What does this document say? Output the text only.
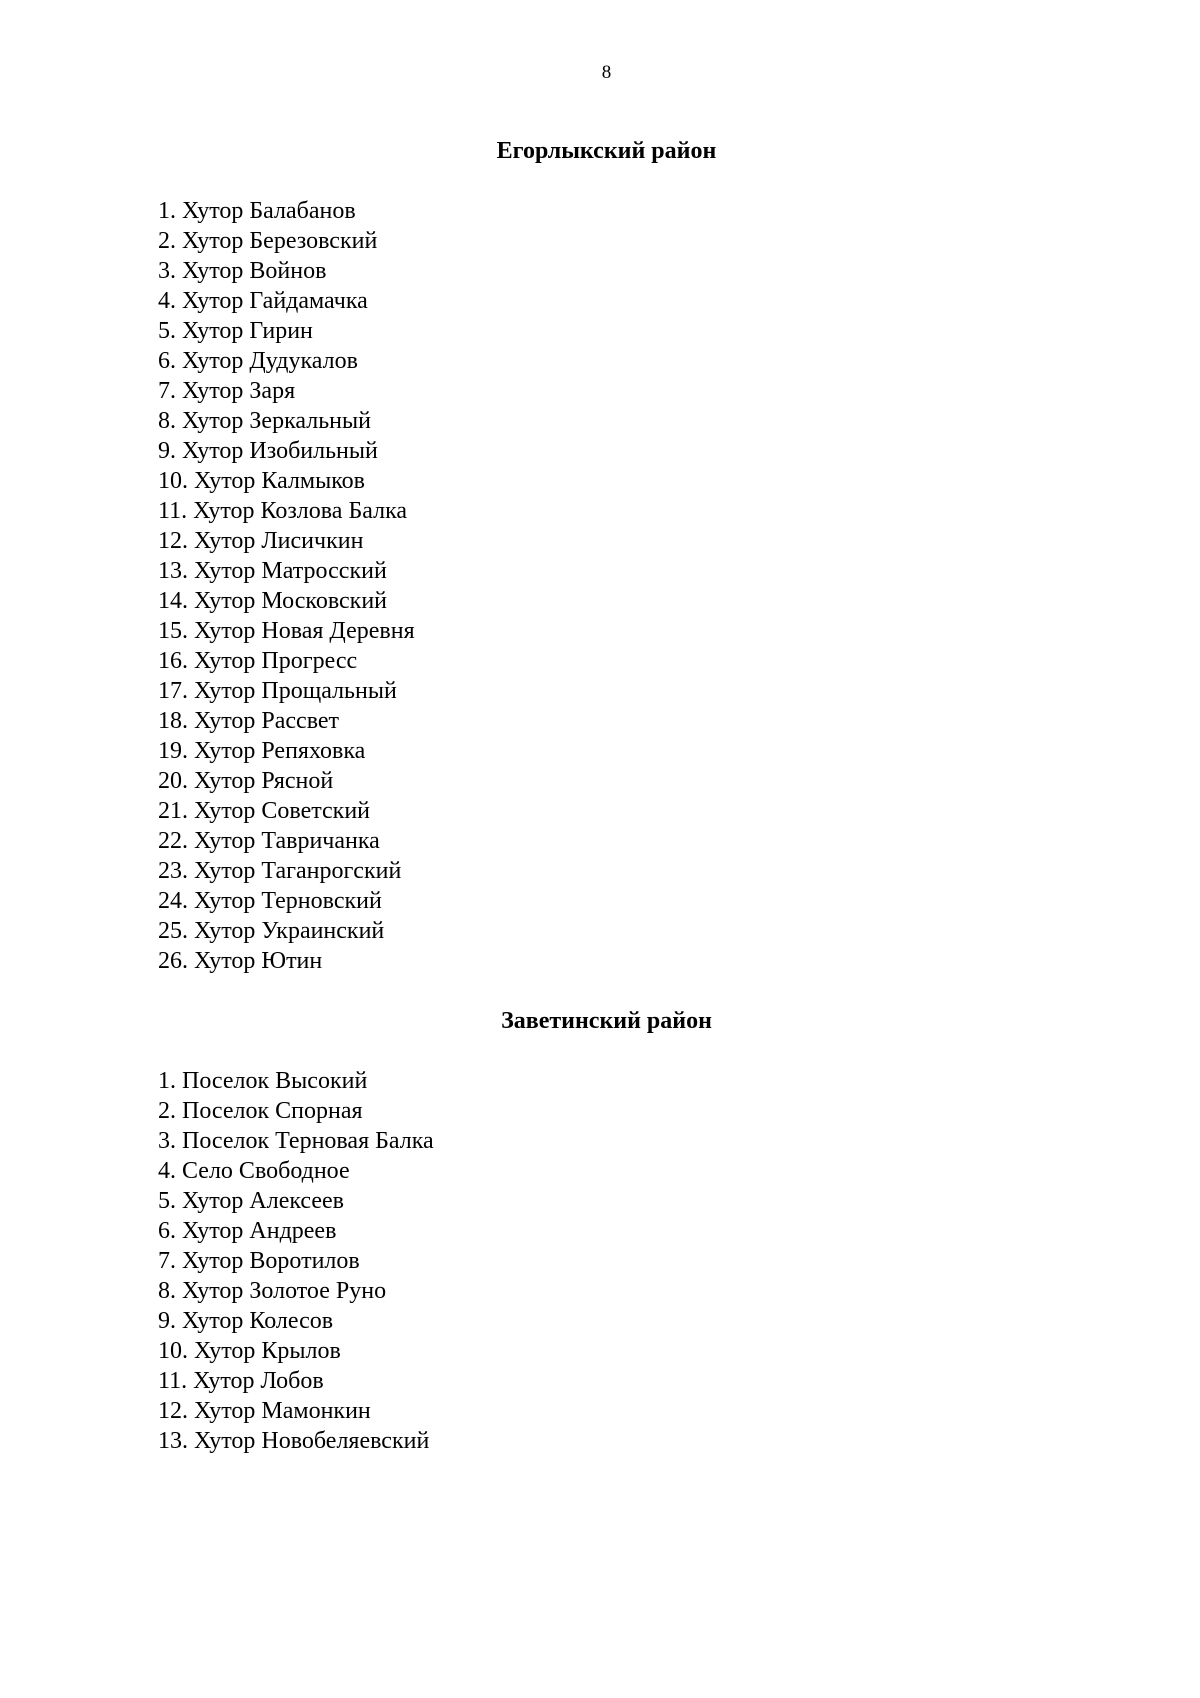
8
Егорлыкский район
1. Хутор Балабанов
2. Хутор Березовский
3. Хутор Войнов
4. Хутор Гайдамачка
5. Хутор Гирин
6. Хутор Дудукалов
7. Хутор Заря
8. Хутор Зеркальный
9. Хутор Изобильный
10. Хутор Калмыков
11. Хутор Козлова Балка
12. Хутор Лисичкин
13. Хутор Матросский
14. Хутор Московский
15. Хутор Новая Деревня
16. Хутор Прогресс
17. Хутор Прощальный
18. Хутор Рассвет
19. Хутор Репяховка
20. Хутор Рясной
21. Хутор Советский
22. Хутор Тавричанка
23. Хутор Таганрогский
24. Хутор Терновский
25. Хутор Украинский
26. Хутор Ютин
Заветинский район
1. Поселок Высокий
2. Поселок Спорная
3. Поселок Терновая Балка
4. Село Свободное
5. Хутор Алексеев
6. Хутор Андреев
7. Хутор Воротилов
8. Хутор Золотое Руно
9. Хутор Колесов
10. Хутор Крылов
11. Хутор Лобов
12. Хутор Мамонкин
13. Хутор Новобеляевский
